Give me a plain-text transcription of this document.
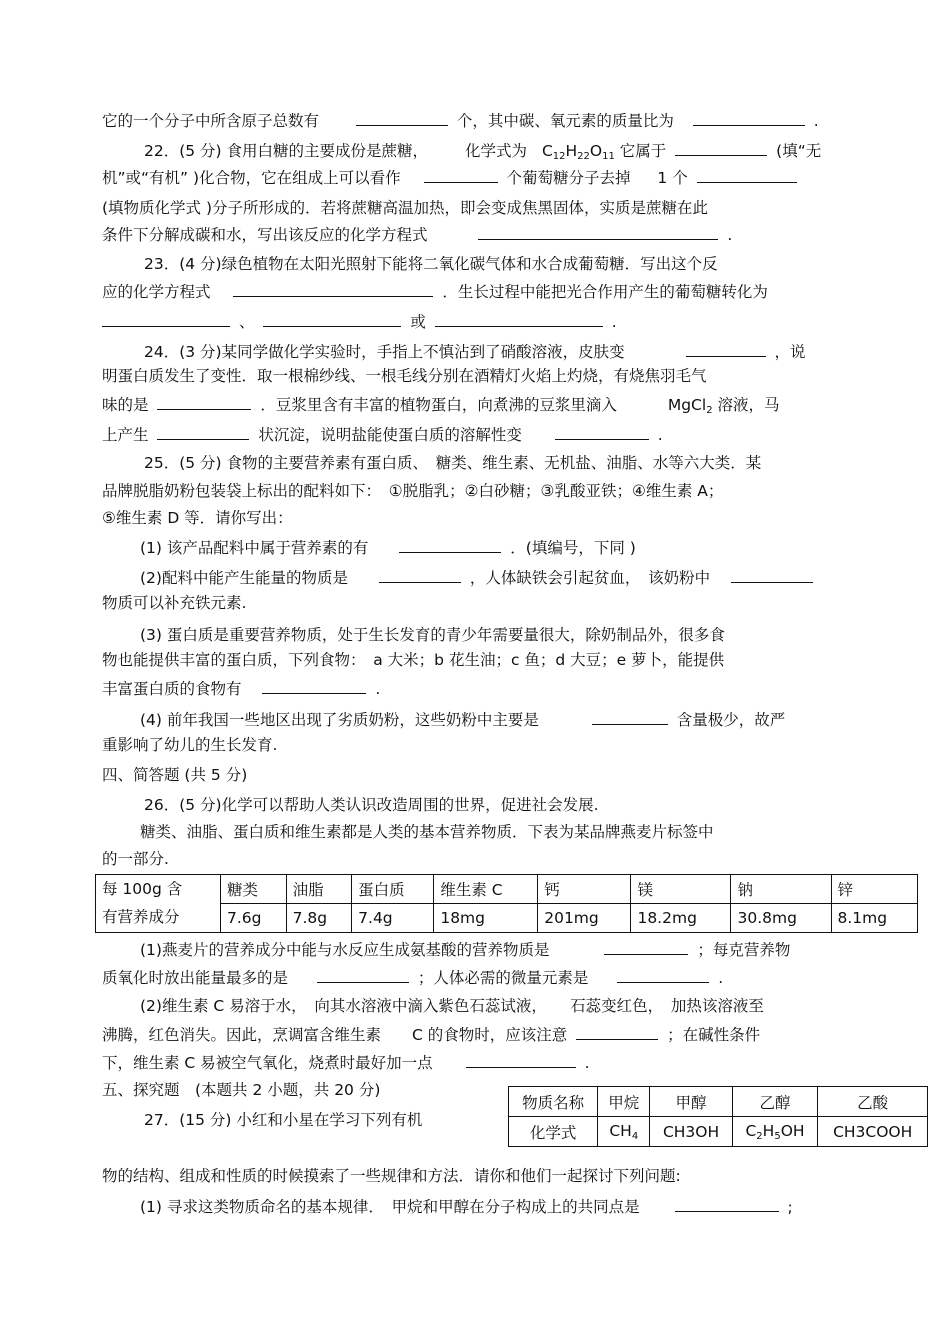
它的一个分子中所含原子总数有	个，其中碳、氧元素的质量比为	.
22．(5 分) 食用白糖的主要成份是蔗糖， 化学式为 $C_{12}H_{22}O_{11}$ 它属于	(填“无
机”或“有机” )化合物，它在组成上可以看作	个葡萄糖分子去掉 1 个
(填物质化学式 )分子所形成的．若将蔗糖高温加热，即会变成焦黑固体，实质是蔗糖在此
条件下分解成碳和水，写出该反应的化学方程式	.
23．(4 分)绿色植物在太阳光照射下能将二氧化碳气体和水合成葡萄糖．写出这个反
应的化学方程式	．生长过程中能把光合作用产生的葡萄糖转化为
、	或	.
24．(3 分)某同学做化学实验时，手指上不慎沾到了硝酸溶液，皮肤变	，说
明蛋白质发生了变性．取一根棉纱线、一根毛线分别在酒精灯火焰上灼烧，有烧焦羽毛气
味的是	．豆浆里含有丰富的植物蛋白，向煮沸的豆浆里滴入	MgCl$_2$ 溶液，马
上产生	状沉淀，说明盐能使蛋白质的溶解性变	.
25．(5 分) 食物的主要营养素有蛋白质、　糖类、维生素、无机盐、油脂、水等六大类．某
品牌脱脂奶粉包装袋上标出的配料如下：　①脱脂乳；②白砂糖；③乳酸亚铁；④维生素 A；
⑤维生素 D 等．请你写出：
(1) 该产品配料中属于营养素的有	．(填编号，下同 )
(2)配料中能产生能量的物质是	，人体缺铁会引起贫血，　该奶粉中
物质可以补充铁元素.
(3) 蛋白质是重要营养物质，处于生长发育的青少年需要量很大，除奶制品外，很多食
物也能提供丰富的蛋白质，下列食物：　a 大米；b 花生油；c 鱼；d 大豆；e 萝卜，能提供
丰富蛋白质的食物有	.
(4) 前年我国一些地区出现了劣质奶粉，这些奶粉中主要是	含量极少，故严
重影响了幼儿的生长发育.
四、简答题 (共 5 分)
26．(5 分)化学可以帮助人类认识改造周围的世界，促进社会发展.
糖类、油脂、蛋白质和维生素都是人类的基本营养物质．下表为某品牌燕麦片标签中
的一部分.
每 100g 含
有营养成分	糖类	油脂	蛋白质	维生素 C	钙	镁	钠	锌
	7.6g	7.8g	7.4g	18mg	201mg	18.2mg	30.8mg	8.1mg
(1)燕麦片的营养成分中能与水反应生成氨基酸的营养物质是	；每克营养物
质氧化时放出能量最多的是	；人体必需的微量元素是	.
(2)维生素 C 易溶于水，　向其水溶液中滴入紫色石蕊试液，　　石蕊变红色，　加热该溶液至
沸腾，红色消失。因此，烹调富含维生素　　C 的食物时，应该注意	；在碱性条件
下，维生素 C 易被空气氧化，烧煮时最好加一点	.
五、探究题　(本题共 2 小题，共 20 分)
27．(15 分) 小红和小星在学习下列有机
物质名称	甲烷	甲醇	乙醇	乙酸
化学式	$CH_4$	CH3OH	$C_2H_5OH$	CH3COOH
物的结构、组成和性质的时候摸索了一些规律和方法．请你和他们一起探讨下列问题:
(1) 寻求这类物质命名的基本规律．　甲烷和甲醇在分子构成上的共同点是	;
